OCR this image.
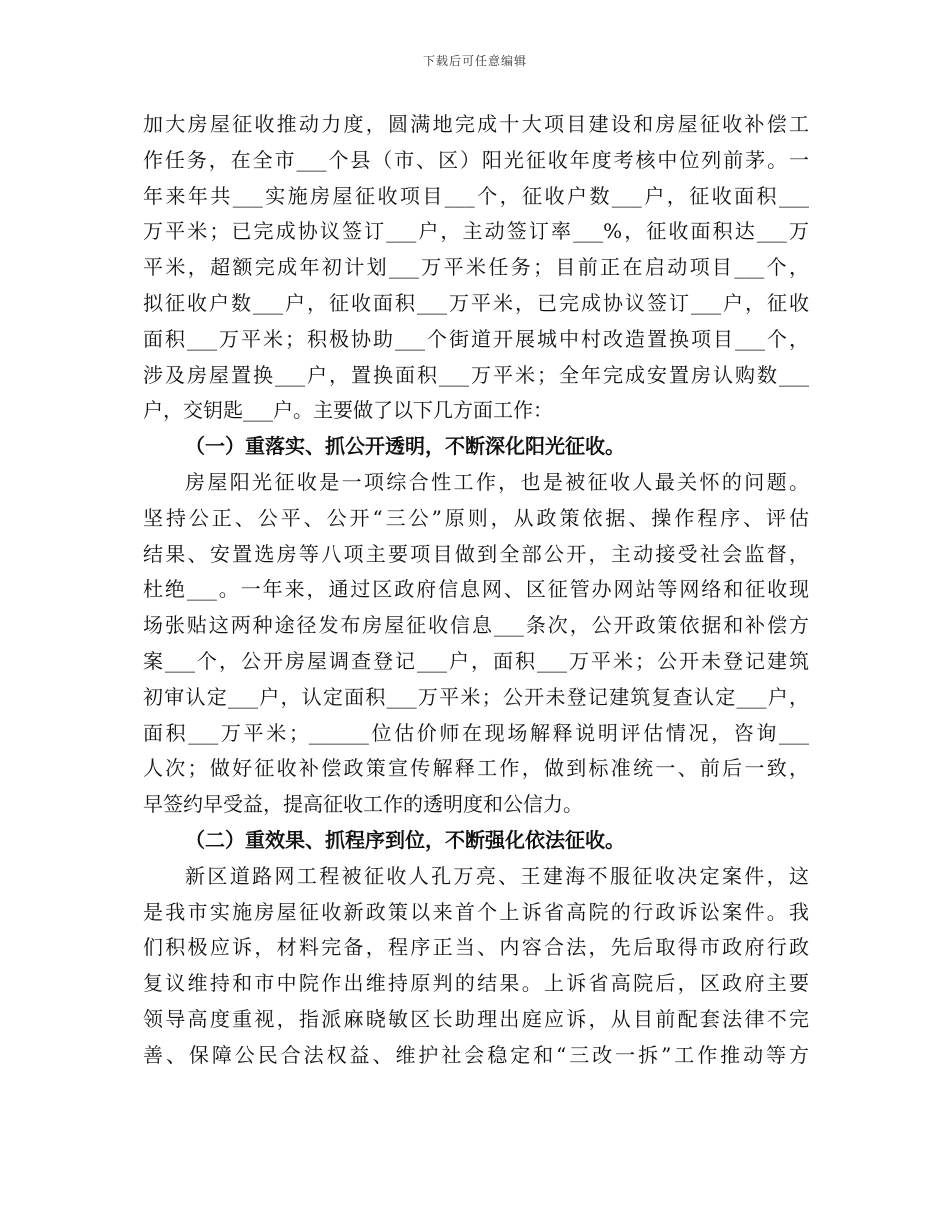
下载后可任意编辑
加大房屋征收推动力度，圆满地完成十大项目建设和房屋征收补偿工
作任务，在全市___个县（市、区）阳光征收年度考核中位列前茅。一
年来年共___实施房屋征收项目___个，征收户数___户，征收面积___
万平米；已完成协议签订___户，主动签订率___%，征收面积达___万
平米，超额完成年初计划___万平米任务；目前正在启动项目___个，
拟征收户数___户，征收面积___万平米，已完成协议签订___户，征收
面积___万平米；积极协助___个街道开展城中村改造置换项目___个，
涉及房屋置换___户，置换面积___万平米；全年完成安置房认购数___
户，交钥匙___户。主要做了以下几方面工作：
（一）重落实、抓公开透明，不断深化阳光征收。
房屋阳光征收是一项综合性工作，也是被征收人最关怀的问题。
坚持公正、公平、公开“三公”原则，从政策依据、操作程序、评估
结果、安置选房等八项主要项目做到全部公开，主动接受社会监督，
杜绝___。一年来，通过区政府信息网、区征管办网站等网络和征收现
场张贴这两种途径发布房屋征收信息___条次，公开政策依据和补偿方
案___个，公开房屋调查登记___户，面积___万平米；公开未登记建筑
初审认定___户，认定面积___万平米；公开未登记建筑复查认定___户，
面积___万平米；______位估价师在现场解释说明评估情况，咨询___
人次；做好征收补偿政策宣传解释工作，做到标准统一、前后一致，
早签约早受益，提高征收工作的透明度和公信力。
（二）重效果、抓程序到位，不断强化依法征收。
新区道路网工程被征收人孔万亮、王建海不服征收决定案件，这
是我市实施房屋征收新政策以来首个上诉省高院的行政诉讼案件。我
们积极应诉，材料完备，程序正当、内容合法，先后取得市政府行政
复议维持和市中院作出维持原判的结果。上诉省高院后，区政府主要
领导高度重视，指派麻晓敏区长助理出庭应诉，从目前配套法律不完
善、保障公民合法权益、维护社会稳定和“三改一拆”工作推动等方
